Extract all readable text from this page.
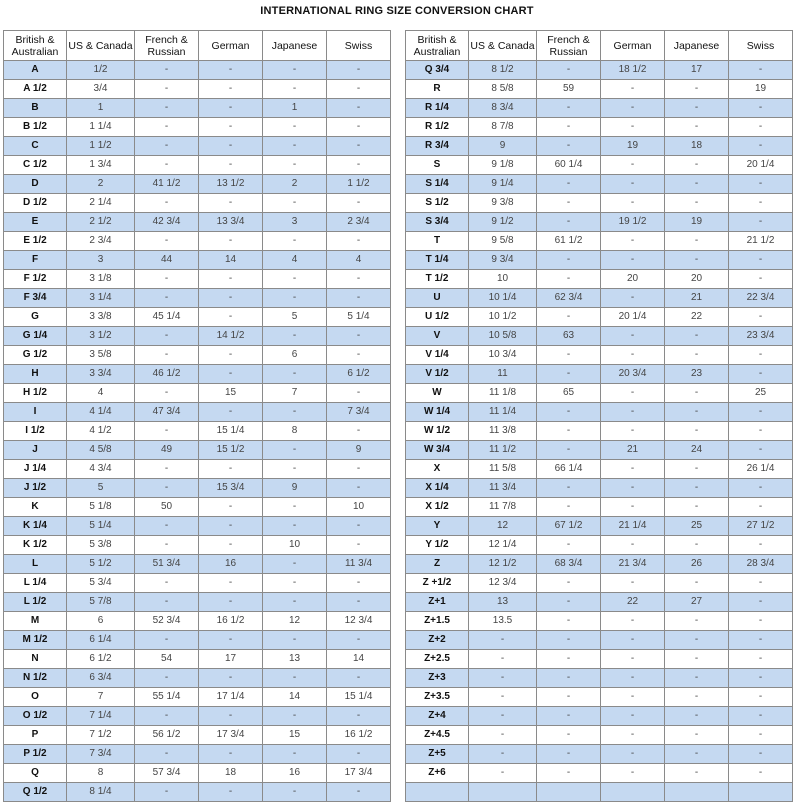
INTERNATIONAL RING SIZE CONVERSION CHART
British & Australian	US & Canada	French & Russian	German	Japanese	Swiss
A	1/2	-	-	-	-
A 1/2	3/4	-	-	-	-
B	1	-	-	1	-
B 1/2	1 1/4	-	-	-	-
C	1 1/2	-	-	-	-
C 1/2	1 3/4	-	-	-	-
D	2	41 1/2	13 1/2	2	1 1/2
D 1/2	2 1/4	-	-	-	-
E	2 1/2	42 3/4	13 3/4	3	2 3/4
E 1/2	2 3/4	-	-	-	-
F	3	44	14	4	4
F 1/2	3 1/8	-	-	-	-
F 3/4	3 1/4	-	-	-	-
G	3 3/8	45 1/4	-	5	5 1/4
G 1/4	3 1/2	-	14 1/2	-	-
G 1/2	3 5/8	-	-	6	-
H	3 3/4	46 1/2	-	-	6 1/2
H 1/2	4	-	15	7	-
I	4 1/4	47 3/4	-	-	7 3/4
I 1/2	4 1/2	-	15 1/4	8	-
J	4 5/8	49	15 1/2	-	9
J 1/4	4 3/4	-	-	-	-
J 1/2	5	-	15 3/4	9	-
K	5 1/8	50	-	-	10
K 1/4	5 1/4	-	-	-	-
K 1/2	5 3/8	-	-	10	-
L	5 1/2	51 3/4	16	-	11 3/4
L 1/4	5 3/4	-	-	-	-
L 1/2	5 7/8	-	-	-	-
M	6	52 3/4	16 1/2	12	12 3/4
M 1/2	6 1/4	-	-	-	-
N	6 1/2	54	17	13	14
N 1/2	6 3/4	-	-	-	-
O	7	55 1/4	17 1/4	14	15 1/4
O 1/2	7 1/4	-	-	-	-
P	7 1/2	56 1/2	17 3/4	15	16 1/2
P 1/2	7 3/4	-	-	-	-
Q	8	57 3/4	18	16	17 3/4
Q 1/2	8 1/4	-	-	-	-
British & Australian	US & Canada	French & Russian	German	Japanese	Swiss
Q 3/4	8 1/2	-	18 1/2	17	-
R	8 5/8	59	-	-	19
R 1/4	8 3/4	-	-	-	-
R 1/2	8 7/8	-	-	-	-
R 3/4	9	-	19	18	-
S	9 1/8	60 1/4	-	-	20 1/4
S 1/4	9 1/4	-	-	-	-
S 1/2	9 3/8	-	-	-	-
S 3/4	9 1/2	-	19 1/2	19	-
T	9 5/8	61 1/2	-	-	21 1/2
T 1/4	9 3/4	-	-	-	-
T 1/2	10	-	20	20	-
U	10 1/4	62 3/4	-	21	22 3/4
U 1/2	10 1/2	-	20 1/4	22	-
V	10 5/8	63	-	-	23 3/4
V 1/4	10 3/4	-	-	-	-
V 1/2	11	-	20 3/4	23	-
W	11 1/8	65	-	-	25
W 1/4	11 1/4	-	-	-	-
W 1/2	11 3/8	-	-	-	-
W 3/4	11 1/2	-	21	24	-
X	11 5/8	66 1/4	-	-	26 1/4
X 1/4	11 3/4	-	-	-	-
X 1/2	11 7/8	-	-	-	-
Y	12	67 1/2	21 1/4	25	27 1/2
Y 1/2	12 1/4	-	-	-	-
Z	12 1/2	68 3/4	21 3/4	26	28 3/4
Z +1/2	12 3/4	-	-	-	-
Z+1	13	-	22	27	-
Z+1.5	13.5	-	-	-	-
Z+2	-	-	-	-	-
Z+2.5	-	-	-	-	-
Z+3	-	-	-	-	-
Z+3.5	-	-	-	-	-
Z+4	-	-	-	-	-
Z+4.5	-	-	-	-	-
Z+5	-	-	-	-	-
Z+6	-	-	-	-	-
